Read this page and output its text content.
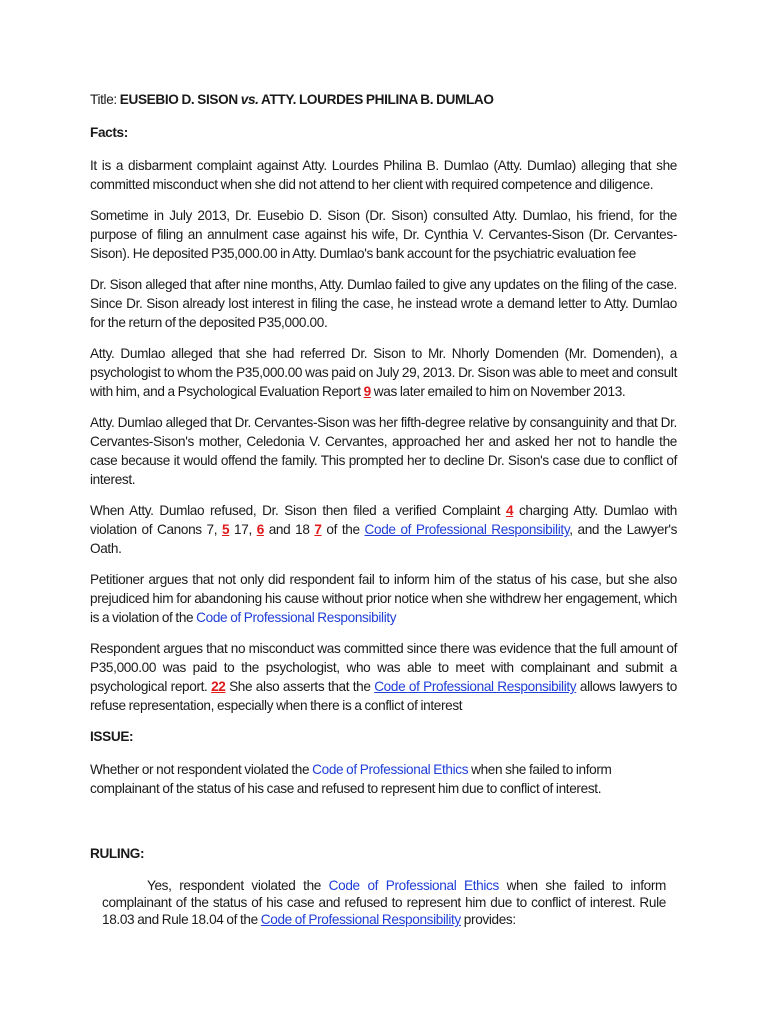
Title: EUSEBIO D. SISON vs. ATTY. LOURDES PHILINA B. DUMLAO

Facts:

It is a disbarment complaint against Atty. Lourdes Philina B. Dumlao (Atty. Dumlao) alleging that she committed misconduct when she did not attend to her client with required competence and diligence.

Sometime in July 2013, Dr. Eusebio D. Sison (Dr. Sison) consulted Atty. Dumlao, his friend, for the purpose of filing an annulment case against his wife, Dr. Cynthia V. Cervantes-Sison (Dr. Cervantes-Sison). He deposited P35,000.00 in Atty. Dumlao's bank account for the psychiatric evaluation fee

Dr. Sison alleged that after nine months, Atty. Dumlao failed to give any updates on the filing of the case. Since Dr. Sison already lost interest in filing the case, he instead wrote a demand letter to Atty. Dumlao for the return of the deposited P35,000.00.

Atty. Dumlao alleged that she had referred Dr. Sison to Mr. Nhorly Domenden (Mr. Domenden), a psychologist to whom the P35,000.00 was paid on July 29, 2013. Dr. Sison was able to meet and consult with him, and a Psychological Evaluation Report 9 was later emailed to him on November 2013.

Atty. Dumlao alleged that Dr. Cervantes-Sison was her fifth-degree relative by consanguinity and that Dr. Cervantes-Sison's mother, Celedonia V. Cervantes, approached her and asked her not to handle the case because it would offend the family. This prompted her to decline Dr. Sison's case due to conflict of interest.

When Atty. Dumlao refused, Dr. Sison then filed a verified Complaint 4 charging Atty. Dumlao with violation of Canons 7, 5 17, 6 and 18 7 of the Code of Professional Responsibility, and the Lawyer's Oath.

Petitioner argues that not only did respondent fail to inform him of the status of his case, but she also prejudiced him for abandoning his cause without prior notice when she withdrew her engagement, which is a violation of the Code of Professional Responsibility

Respondent argues that no misconduct was committed since there was evidence that the full amount of P35,000.00 was paid to the psychologist, who was able to meet with complainant and submit a psychological report. 22 She also asserts that the Code of Professional Responsibility allows lawyers to refuse representation, especially when there is a conflict of interest

ISSUE:

Whether or not respondent violated the Code of Professional Ethics when she failed to inform complainant of the status of his case and refused to represent him due to conflict of interest.

RULING:

Yes, respondent violated the Code of Professional Ethics when she failed to inform complainant of the status of his case and refused to represent him due to conflict of interest. Rule 18.03 and Rule 18.04 of the Code of Professional Responsibility provides:
